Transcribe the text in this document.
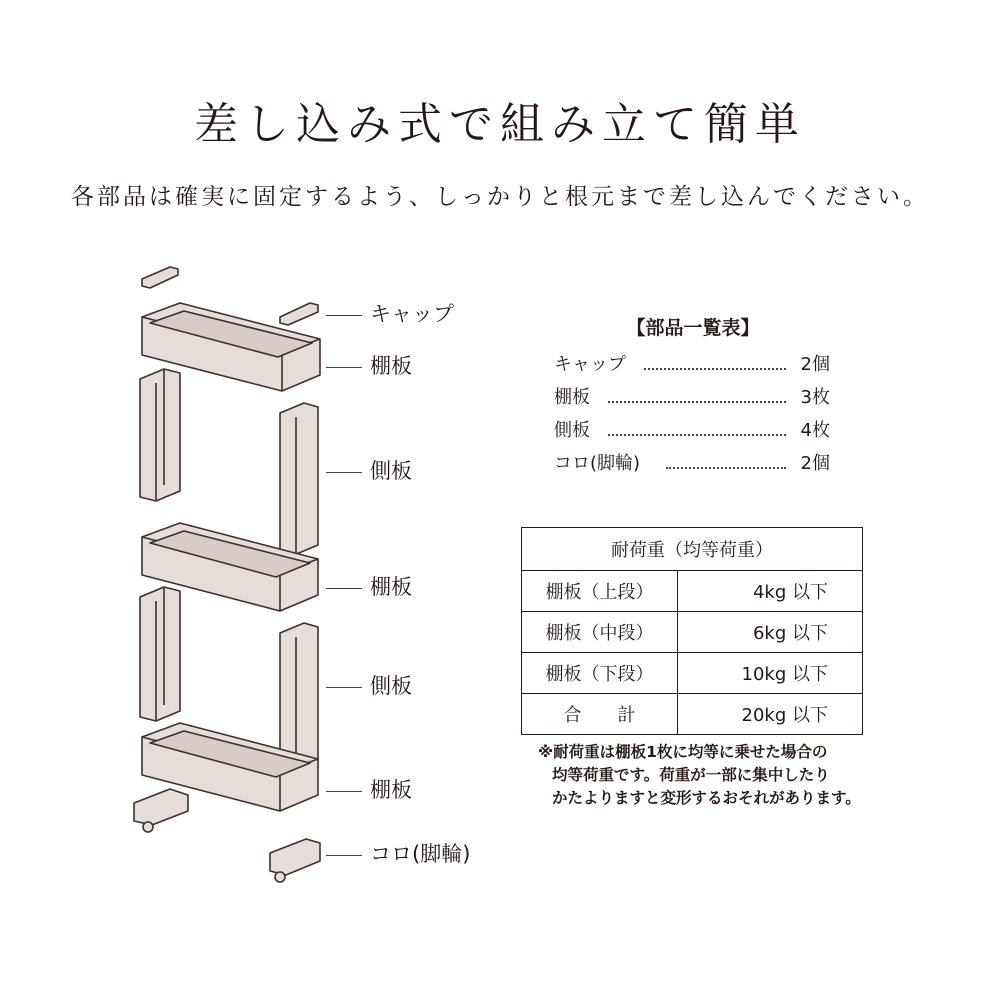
差し込み式で組み立て簡単
各部品は確実に固定するよう、しっかりと根元まで差し込んでください。
キャップ
棚板
側板
棚板
側板
棚板
コロ(脚輪)
【部品一覧表】
キャップ	2個
棚板	3枚
側板	4枚
コロ(脚輪)	2個
耐荷重（均等荷重）	
棚板（上段）	4kg 以下
棚板（中段）	6kg 以下
棚板（下段）	10kg 以下
合　　計	20kg 以下
※耐荷重は棚板1枚に均等に乗せた場合の
均等荷重です。荷重が一部に集中したり
かたよりますと変形するおそれがあります。
